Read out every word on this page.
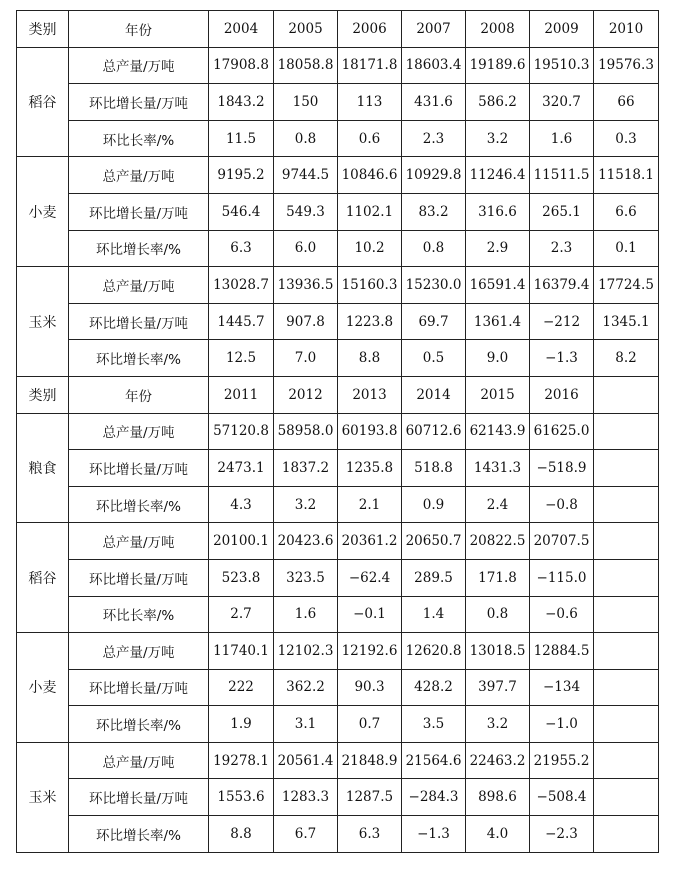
类别	年份	2004	2005	2006	2007	2008	2009	2010
稻谷	总产量/万吨	17908.8	18058.8	18171.8	18603.4	19189.6	19510.3	19576.3
	环比增长量/万吨	1843.2	150	113	431.6	586.2	320.7	66
	环比长率/%	11.5	0.8	0.6	2.3	3.2	1.6	0.3
小麦	总产量/万吨	9195.2	9744.5	10846.6	10929.8	11246.4	11511.5	11518.1
	环比增长量/万吨	546.4	549.3	1102.1	83.2	316.6	265.1	6.6
	环比增长率/%	6.3	6.0	10.2	0.8	2.9	2.3	0.1
玉米	总产量/万吨	13028.7	13936.5	15160.3	15230.0	16591.4	16379.4	17724.5
	环比增长量/万吨	1445.7	907.8	1223.8	69.7	1361.4	−212	1345.1
	环比增长率/%	12.5	7.0	8.8	0.5	9.0	−1.3	8.2
类别	年份	2011	2012	2013	2014	2015	2016	
粮食	总产量/万吨	57120.8	58958.0	60193.8	60712.6	62143.9	61625.0	
	环比增长量/万吨	2473.1	1837.2	1235.8	518.8	1431.3	−518.9	
	环比增长率/%	4.3	3.2	2.1	0.9	2.4	−0.8	
稻谷	总产量/万吨	20100.1	20423.6	20361.2	20650.7	20822.5	20707.5	
	环比增长量/万吨	523.8	323.5	−62.4	289.5	171.8	−115.0	
	环比长率/%	2.7	1.6	−0.1	1.4	0.8	−0.6	
小麦	总产量/万吨	11740.1	12102.3	12192.6	12620.8	13018.5	12884.5	
	环比增长量/万吨	222	362.2	90.3	428.2	397.7	−134	
	环比增长率/%	1.9	3.1	0.7	3.5	3.2	−1.0	
玉米	总产量/万吨	19278.1	20561.4	21848.9	21564.6	22463.2	21955.2	
	环比增长量/万吨	1553.6	1283.3	1287.5	−284.3	898.6	−508.4	
	环比增长率/%	8.8	6.7	6.3	−1.3	4.0	−2.3	
